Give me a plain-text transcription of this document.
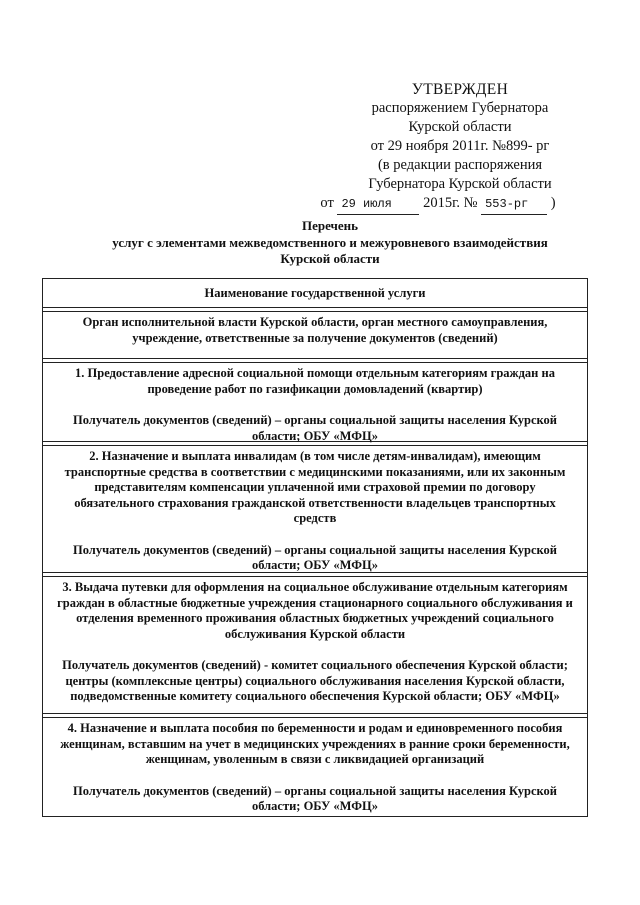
УТВЕРЖДЕН
распоряжением Губернатора
Курской области
от 29 ноября 2011г. №899- рг
(в редакции распоряжения
Губернатора Курской области
от 29 июля 2015г. № 553-рг )
Перечень
услуг с элементами межведомственного и межуровневого взаимодействия
Курской области
Наименование государственной услуги
Орган исполнительной власти Курской области, орган местного самоуправления, учреждение, ответственные за получение документов (сведений)
1. Предоставление адресной социальной помощи отдельным категориям граждан на проведение работ по газификации домовладений (квартир)
Получатель документов (сведений) – органы социальной защиты населения Курской области; ОБУ «МФЦ»
2. Назначение и выплата инвалидам (в том числе детям-инвалидам), имеющим транспортные средства в соответствии с медицинскими показаниями, или их законным представителям компенсации уплаченной ими страховой премии по договору обязательного страхования гражданской ответственности владельцев транспортных средств
Получатель документов (сведений) – органы социальной защиты населения Курской области; ОБУ «МФЦ»
3. Выдача путевки для оформления на социальное обслуживание отдельным категориям граждан в областные бюджетные учреждения стационарного социального обслуживания и отделения временного проживания областных бюджетных учреждений социального обслуживания Курской области
Получатель документов (сведений) - комитет социального обеспечения Курской области; центры (комплексные центры) социального обслуживания населения Курской области, подведомственные комитету социального обеспечения Курской области; ОБУ «МФЦ»
4. Назначение и выплата пособия по беременности и родам и единовременного пособия женщинам, вставшим на учет в медицинских учреждениях в ранние сроки беременности, женщинам, уволенным в связи с ликвидацией организаций
Получатель документов (сведений) – органы социальной защиты населения Курской области; ОБУ «МФЦ»
